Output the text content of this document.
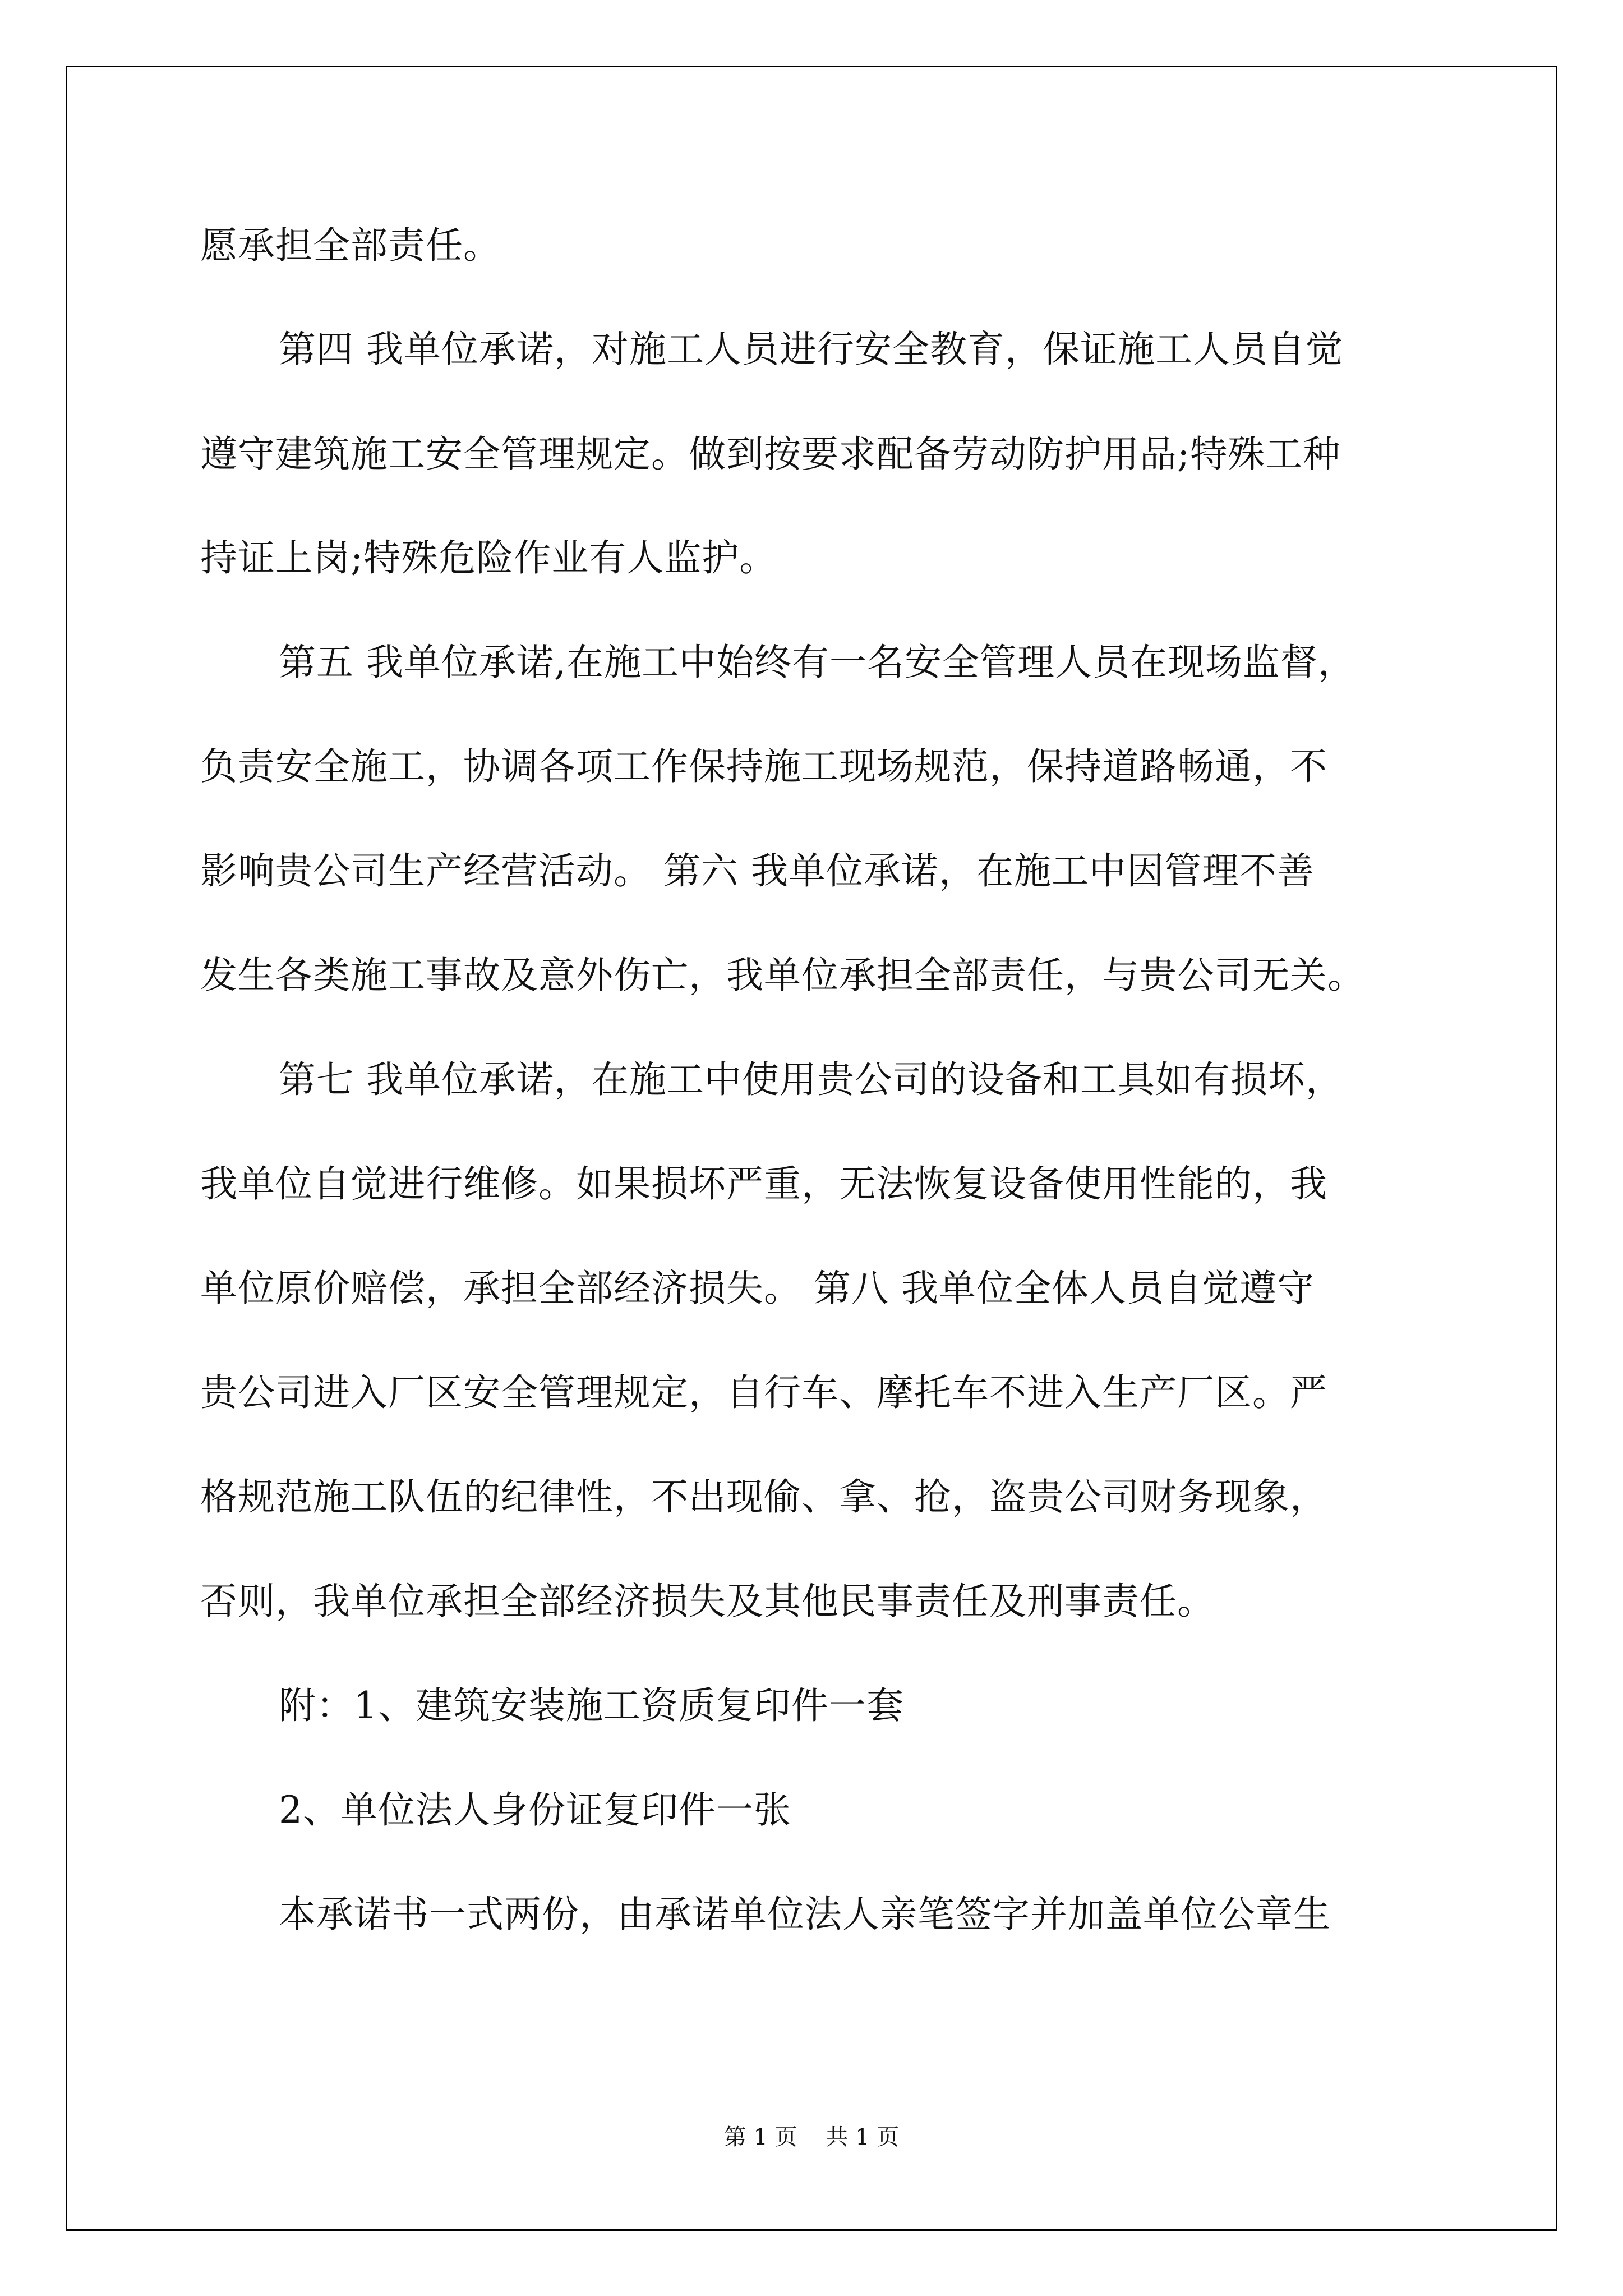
愿承担全部责任。
第四 我单位承诺，对施工人员进行安全教育，保证施工人员自觉
遵守建筑施工安全管理规定。做到按要求配备劳动防护用品;特殊工种
持证上岗;特殊危险作业有人监护。
第五 我单位承诺,在施工中始终有一名安全管理人员在现场监督，
负责安全施工，协调各项工作保持施工现场规范，保持道路畅通，不
影响贵公司生产经营活动。 第六 我单位承诺，在施工中因管理不善
发生各类施工事故及意外伤亡，我单位承担全部责任，与贵公司无关。
第七 我单位承诺，在施工中使用贵公司的设备和工具如有损坏，
我单位自觉进行维修。如果损坏严重，无法恢复设备使用性能的，我
单位原价赔偿，承担全部经济损失。 第八 我单位全体人员自觉遵守
贵公司进入厂区安全管理规定，自行车、摩托车不进入生产厂区。严
格规范施工队伍的纪律性，不出现偷、拿、抢，盗贵公司财务现象，
否则，我单位承担全部经济损失及其他民事责任及刑事责任。
附：1、建筑安装施工资质复印件一套
2、单位法人身份证复印件一张
本承诺书一式两份，由承诺单位法人亲笔签字并加盖单位公章生
第 1 页    共 1 页
